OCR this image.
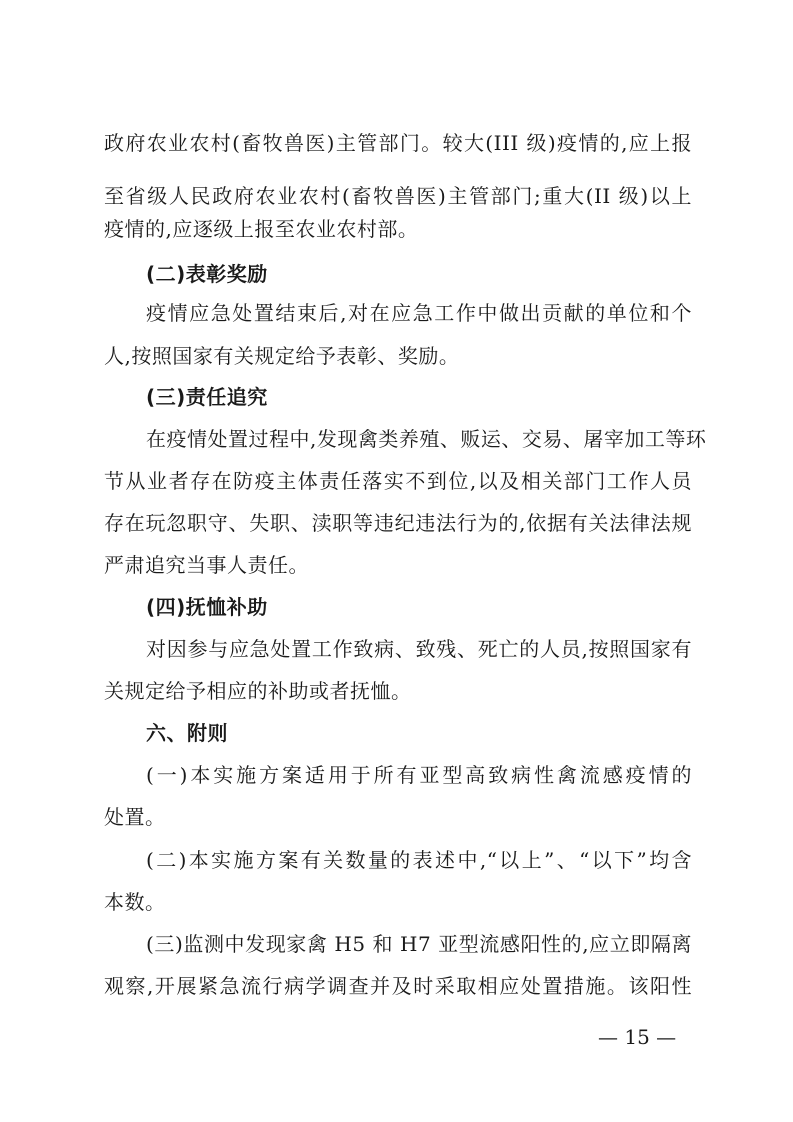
政府农业农村(畜牧兽医)主管部门。较大(III 级)疫情的,应上报
至省级人民政府农业农村(畜牧兽医)主管部门;重大(II 级)以上
疫情的,应逐级上报至农业农村部。
(二)表彰奖励
疫情应急处置结束后,对在应急工作中做出贡献的单位和个
人,按照国家有关规定给予表彰、奖励。
(三)责任追究
在疫情处置过程中,发现禽类养殖、贩运、交易、屠宰加工等环
节从业者存在防疫主体责任落实不到位,以及相关部门工作人员
存在玩忽职守、失职、渎职等违纪违法行为的,依据有关法律法规
严肃追究当事人责任。
(四)抚恤补助
对因参与应急处置工作致病、致残、死亡的人员,按照国家有
关规定给予相应的补助或者抚恤。
六、附则
(一)本实施方案适用于所有亚型高致病性禽流感疫情的
处置。
(二)本实施方案有关数量的表述中,“以上”、“以下”均含
本数。
(三)监测中发现家禽 H5 和 H7 亚型流感阳性的,应立即隔离
观察,开展紧急流行病学调查并及时采取相应处置措施。该阳性
— 15 —
